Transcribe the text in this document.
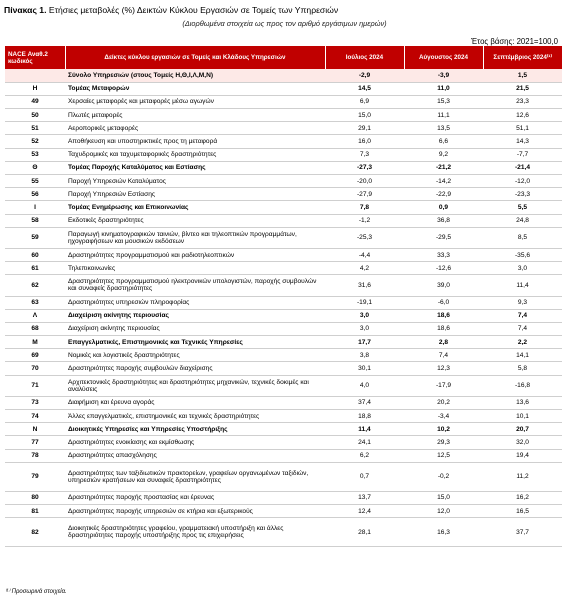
Πίνακας 1. Ετήσιες μεταβολές (%) Δεικτών Κύκλου Εργασιών σε Τομείς των Υπηρεσιών
(Διορθωμένα στοιχεία ως προς τον αριθμό εργάσιμων ημερών)
Έτος βάσης: 2021=100,0
NACE Αναθ.2 κωδικός	Δείκτες κύκλου εργασιών σε Τομείς και Κλάδους Υπηρεσιών	Ιούλιος 2024	Αύγουστος 2024	Σεπτέμβριος 2024⁽¹⁾
	Σύνολο Υπηρεσιών (στους Τομείς Η,Θ,Ι,Λ,Μ,Ν)	-2,9	-3,9	1,5
Η	Τομέας Μεταφορών	14,5	11,0	21,5
49	Χερσαίες μεταφορές και μεταφορές μέσω αγωγών	6,9	15,3	23,3
50	Πλωτές μεταφορές	15,0	11,1	12,6
51	Αεροπορικές μεταφορές	29,1	13,5	51,1
52	Αποθήκευση και υποστηρικτικές προς τη μεταφορά	16,0	6,6	14,3
53	Ταχυδρομικές και ταχυμεταφορικές δραστηριότητες	7,3	9,2	-7,7
Θ	Τομέας Παροχής Καταλύματος και Εστίασης	-27,3	-21,2	-21,4
55	Παροχή Υπηρεσιών Καταλύματος	-20,0	-14,2	-12,0
56	Παροχή Υπηρεσιών Εστίασης	-27,9	-22,9	-23,3
Ι	Τομέας Ενημέρωσης και Επικοινωνίας	7,8	0,9	5,5
58	Εκδοτικές δραστηριότητες	-1,2	36,8	24,8
59	Παραγωγή κινηματογραφικών ταινιών, βίντεο και τηλεοπτικών προγραμμάτων, ηχογραφήσεων και μουσικών εκδόσεων	-25,3	-29,5	8,5
60	Δραστηριότητες προγραμματισμού και ραδιοτηλεοπτικών	-4,4	33,3	-35,6
61	Τηλεπικοινωνίες	4,2	-12,6	3,0
62	Δραστηριότητες προγραμματισμού ηλεκτρονικών υπολογιστών, παροχής συμβουλών και συναφείς δραστηριότητες	31,6	39,0	11,4
63	Δραστηριότητες υπηρεσιών πληροφορίας	-19,1	-6,0	9,3
Λ	Διαχείριση ακίνητης περιουσίας	3,0	18,6	7,4
68	Διαχείριση ακίνητης περιουσίας	3,0	18,6	7,4
Μ	Επαγγελματικές, Επιστημονικές και Τεχνικές Υπηρεσίες	17,7	2,8	2,2
69	Νομικές και λογιστικές δραστηριότητες	3,8	7,4	14,1
70	Δραστηριότητες παροχής συμβουλών διαχείρισης	30,1	12,3	5,8
71	Αρχιτεκτονικές δραστηριότητες και δραστηριότητες μηχανικών, τεχνικές δοκιμές και αναλύσεις	4,0	-17,9	-16,8
73	Διαφήμιση και έρευνα αγοράς	37,4	20,2	13,6
74	Άλλες επαγγελματικές, επιστημονικές και τεχνικές δραστηριότητες	18,8	-3,4	10,1
Ν	Διοικητικές Υπηρεσίες και Υπηρεσίες Υποστήριξης	11,4	10,2	20,7
77	Δραστηριότητες ενοικίασης και εκμίσθωσης	24,1	29,3	32,0
78	Δραστηριότητες απασχόλησης	6,2	12,5	19,4
79	Δραστηριότητες των ταξιδιωτικών πρακτορείων, γραφείων οργανωμένων ταξιδιών, υπηρεσιών κρατήσεων και συναφείς δραστηριότητες	0,7	-0,2	11,2
80	Δραστηριότητες παροχής προστασίας και έρευνας	13,7	15,0	16,2
81	Δραστηριότητες παροχής υπηρεσιών σε κτήρια και εξωτερικούς	12,4	12,0	16,5
82	Διοικητικές δραστηριότητες γραφείου, γραμματειακή υποστήριξη και άλλες δραστηριότητες παροχής υποστήριξης προς τις επιχειρήσεις	28,1	16,3	37,7
⁽¹⁾ Προσωρινά στοιχεία.
